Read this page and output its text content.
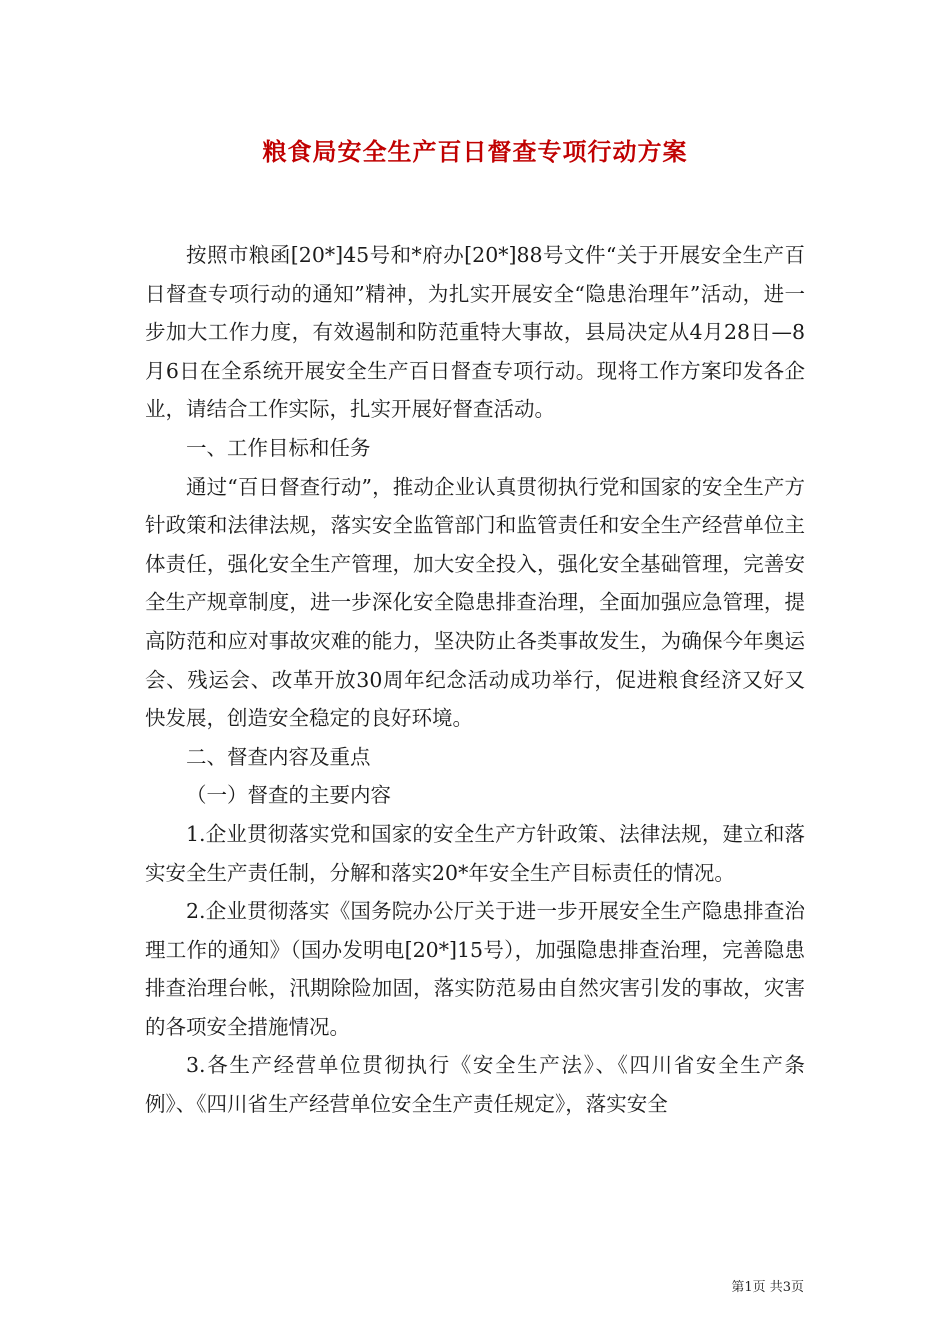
粮食局安全生产百日督查专项行动方案

按照市粮函[20*]45号和*府办[20*]88号文件“关于开展安全生产百日督查专项行动的通知”精神，为扎实开展安全“隐患治理年”活动，进一步加大工作力度，有效遏制和防范重特大事故，县局决定从4月28日—8月6日在全系统开展安全生产百日督查专项行动。现将工作方案印发各企业，请结合工作实际，扎实开展好督查活动。

一、工作目标和任务

通过“百日督查行动”，推动企业认真贯彻执行党和国家的安全生产方针政策和法律法规，落实安全监管部门和监管责任和安全生产经营单位主体责任，强化安全生产管理，加大安全投入，强化安全基础管理，完善安全生产规章制度，进一步深化安全隐患排查治理，全面加强应急管理，提高防范和应对事故灾难的能力，坚决防止各类事故发生，为确保今年奥运会、残运会、改革开放30周年纪念活动成功举行，促进粮食经济又好又快发展，创造安全稳定的良好环境。

二、督查内容及重点

（一）督查的主要内容

1.企业贯彻落实党和国家的安全生产方针政策、法律法规，建立和落实安全生产责任制，分解和落实20*年安全生产目标责任的情况。

2.企业贯彻落实《国务院办公厅关于进一步开展安全生产隐患排查治理工作的通知》（国办发明电[20*]15号），加强隐患排查治理，完善隐患排查治理台帐，汛期除险加固，落实防范易由自然灾害引发的事故，灾害的各项安全措施情况。

3.各生产经营单位贯彻执行《安全生产法》、《四川省安全生产条例》、《四川省生产经营单位安全生产责任规定》，落实安全

第1页 共3页
